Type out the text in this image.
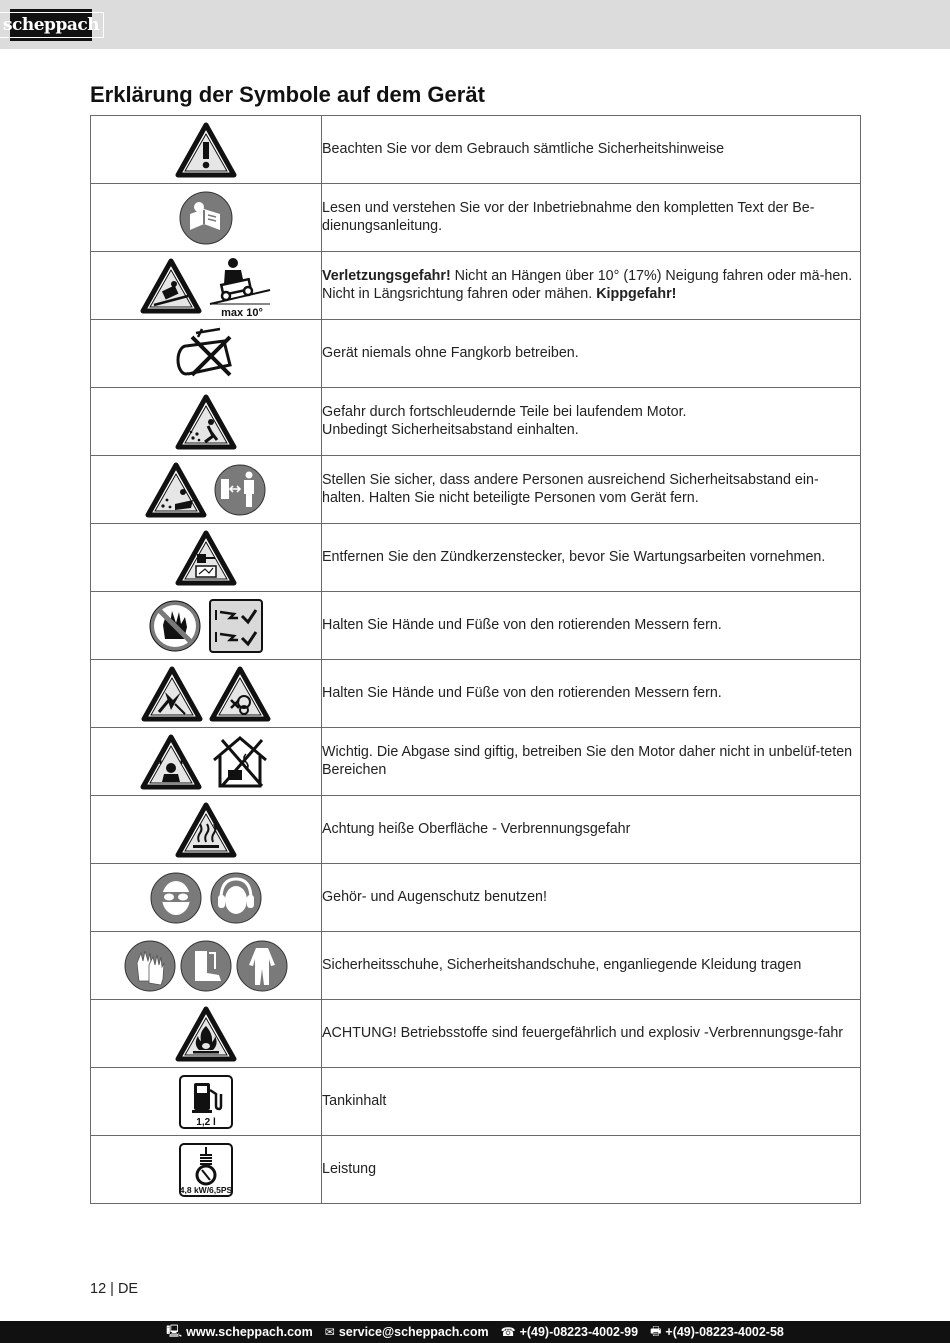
scheppach
Erklärung der Symbole auf dem Gerät
	Beachten Sie vor dem Gebrauch sämtliche Sicherheitshinweise

	Lesen und verstehen Sie vor der Inbetriebnahme den kompletten Text der Be-dienungsanleitung.

max 10°	Verletzungsgefahr! Nicht an Hängen über 10° (17%) Neigung fahren oder mä-hen. Nicht in Längsrichtung fahren oder mähen. Kippgefahr!

	Gerät niemals ohne Fangkorb betreiben.

	Gefahr durch fortschleudernde Teile bei laufendem Motor.
Unbedingt Sicherheitsabstand einhalten.

	Stellen Sie sicher, dass andere Personen ausreichend Sicherheitsabstand ein-halten. Halten Sie nicht beteiligte Personen vom Gerät fern.

	Entfernen Sie den Zündkerzenstecker, bevor Sie Wartungsarbeiten vornehmen.

	Halten Sie Hände und Füße von den rotierenden Messern fern.

	Halten Sie Hände und Füße von den rotierenden Messern fern.

	Wichtig. Die Abgase sind giftig, betreiben Sie den Motor daher nicht in unbelüf-teten Bereichen

	Achtung heiße Oberfläche - Verbrennungsgefahr

	Gehör- und Augenschutz benutzen!

	Sicherheitsschuhe, Sicherheitshandschuhe, enganliegende Kleidung tragen

	ACHTUNG! Betriebsstoffe sind feuergefährlich und explosiv -Verbrennungsge-fahr

1,2 l	Tankinhalt

4,8 kW/6,5PS	Leistung
12 | DE
🖳 www.scheppach.com ✉ service@scheppach.com ☎ +(49)-08223-4002-99 🖶 +(49)-08223-4002-58
